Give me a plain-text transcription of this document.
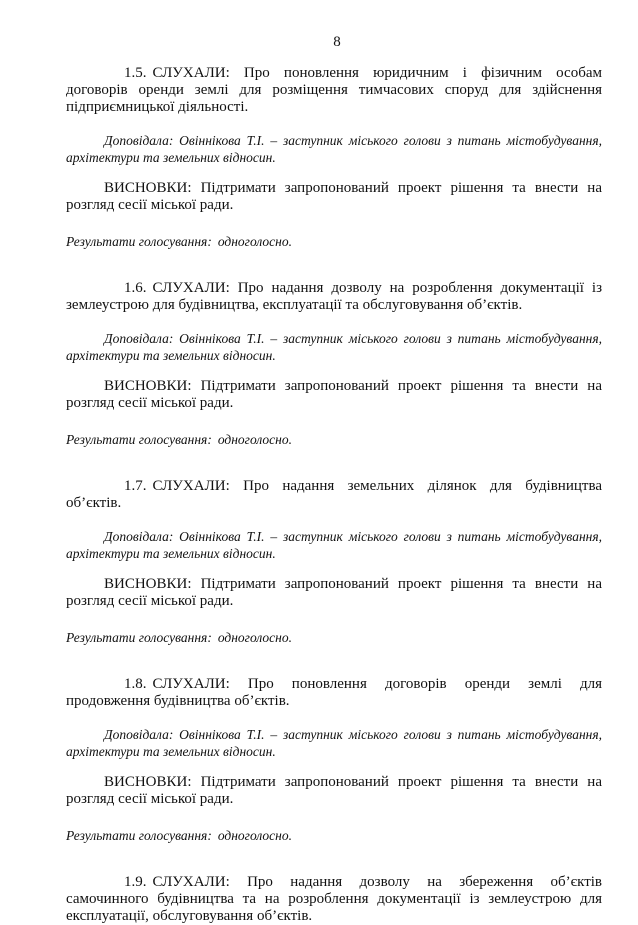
8

1.5. СЛУХАЛИ: Про поновлення юридичним і фізичним особам договорів оренди землі для розміщення тимчасових споруд для здійснення підприємницької діяльності.

Доповідала: Овіннікова Т.І. – заступник міського голови з питань містобудування, архітектури та земельних відносин.

ВИСНОВКИ: Підтримати запропонований проект рішення та внести на розгляд сесії міської ради.

Результати голосування: одноголосно.

1.6. СЛУХАЛИ: Про надання дозволу на розроблення документації із землеустрою для будівництва, експлуатації та обслуговування об’єктів.

Доповідала: Овіннікова Т.І. – заступник міського голови з питань містобудування, архітектури та земельних відносин.

ВИСНОВКИ: Підтримати запропонований проект рішення та внести на розгляд сесії міської ради.

Результати голосування: одноголосно.

1.7. СЛУХАЛИ: Про надання земельних ділянок для будівництва об’єктів.

Доповідала: Овіннікова Т.І. – заступник міського голови з питань містобудування, архітектури та земельних відносин.

ВИСНОВКИ: Підтримати запропонований проект рішення та внести на розгляд сесії міської ради.

Результати голосування: одноголосно.

1.8. СЛУХАЛИ: Про поновлення договорів оренди землі для продовження будівництва об’єктів.

Доповідала: Овіннікова Т.І. – заступник міського голови з питань містобудування, архітектури та земельних відносин.

ВИСНОВКИ: Підтримати запропонований проект рішення та внести на розгляд сесії міської ради.

Результати голосування: одноголосно.

1.9. СЛУХАЛИ: Про надання дозволу на збереження об’єктів самочинного будівництва та на розроблення документації із землеустрою для експлуатації, обслуговування об’єктів.
